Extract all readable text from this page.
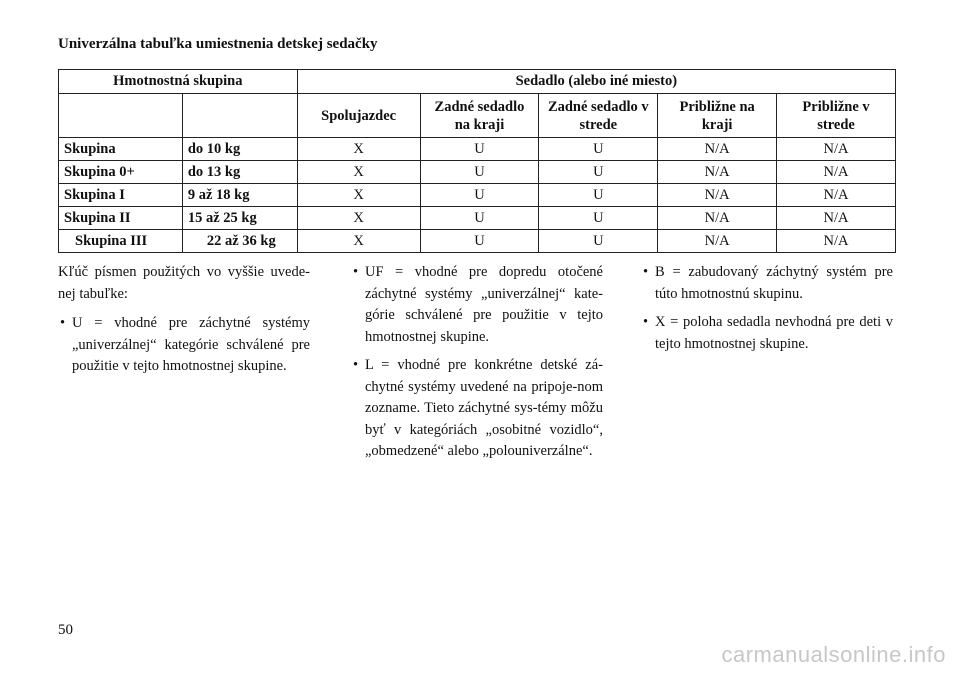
Univerzálna tabuľka umiestnenia detskej sedačky
Hmotnostná skupina		Sedadlo (alebo iné miesto)				
		Spolujazdec	Zadné sedadlo na kraji	Zadné sedadlo v strede	Približne na kraji	Približne v strede
Skupina	do 10 kg	X	U	U	N/A	N/A
Skupina 0+	do 13 kg	X	U	U	N/A	N/A
Skupina I	9 až 18 kg	X	U	U	N/A	N/A
Skupina II	15 až 25 kg	X	U	U	N/A	N/A
Skupina III	22 až 36 kg	X	U	U	N/A	N/A

Kľúč písmen použitých vo vyššie uvede-nej tabuľke:

• U = vhodné pre záchytné systémy „univerzálnej“ kategórie schválené pre použitie v tejto hmotnostnej skupine.
• UF = vhodné pre dopredu otočené záchytné systémy „univerzálnej“ kate-górie schválené pre použitie v tejto hmotnostnej skupine.
• L = vhodné pre konkrétne detské zá-chytné systémy uvedené na pripoje-nom zozname. Tieto záchytné sys-témy môžu byť v kategóriách „osobitné vozidlo“, „obmedzené“ alebo „polouniverzálne“.
• B = zabudovaný záchytný systém pre túto hmotnostnú skupinu.
• X = poloha sedadla nevhodná pre deti v tejto hmotnostnej skupine.
50
carmanualsonline.info
